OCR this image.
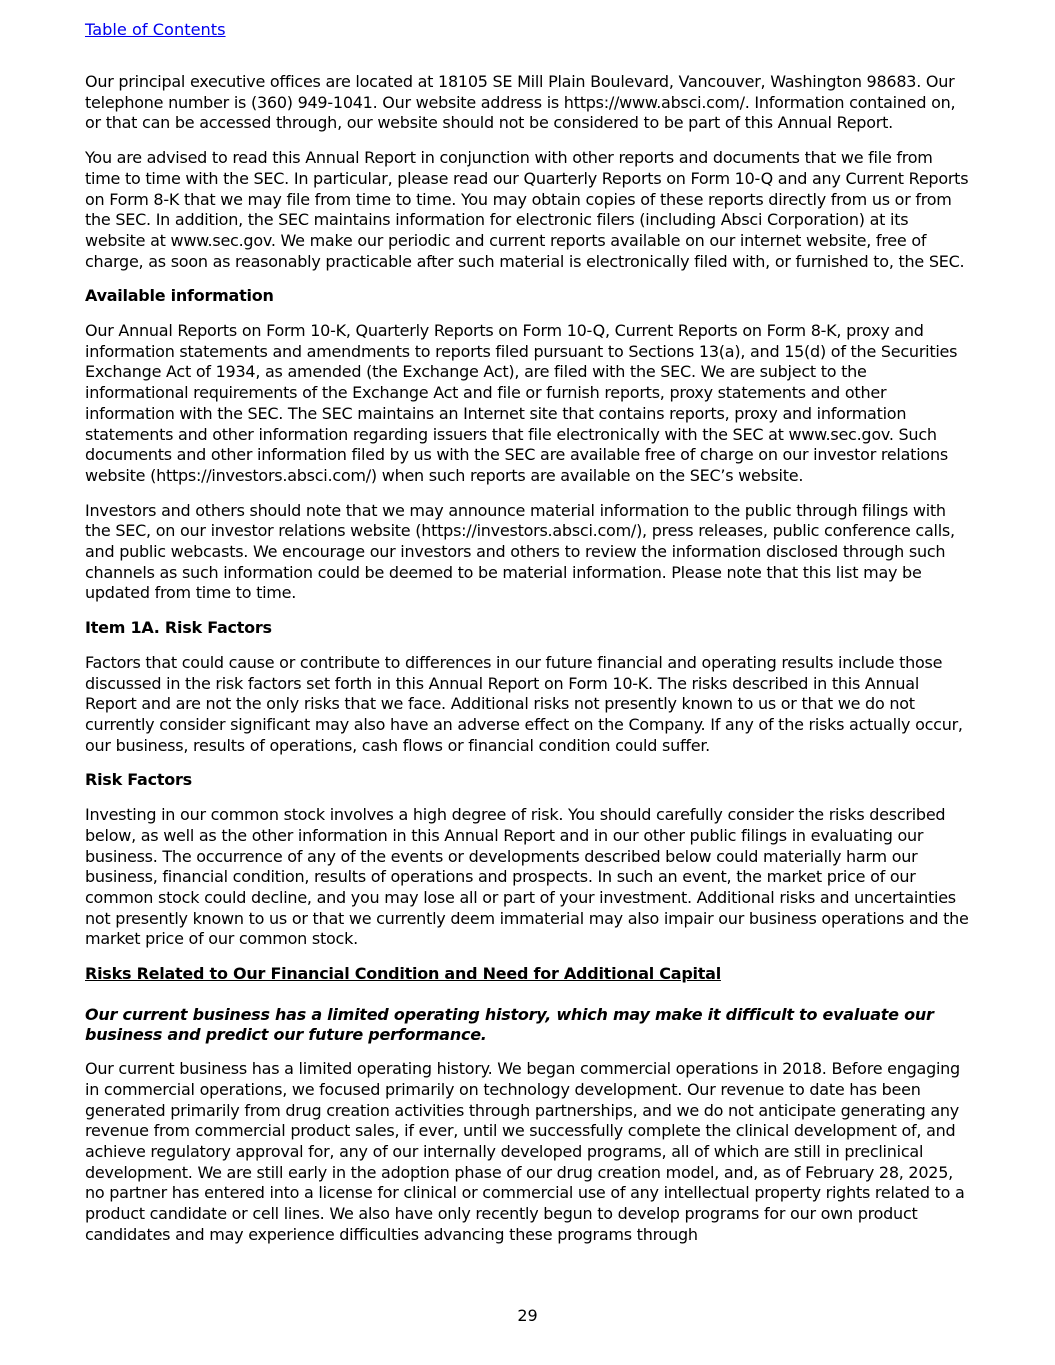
Table of Contents

Our principal executive offices are located at 18105 SE Mill Plain Boulevard, Vancouver, Washington 98683. Our telephone number is (360) 949-1041. Our website address is https://www.absci.com/. Information contained on, or that can be accessed through, our website should not be considered to be part of this Annual Report.

You are advised to read this Annual Report in conjunction with other reports and documents that we file from time to time with the SEC. In particular, please read our Quarterly Reports on Form 10-Q and any Current Reports on Form 8-K that we may file from time to time. You may obtain copies of these reports directly from us or from the SEC. In addition, the SEC maintains information for electronic filers (including Absci Corporation) at its website at www.sec.gov. We make our periodic and current reports available on our internet website, free of charge, as soon as reasonably practicable after such material is electronically filed with, or furnished to, the SEC.

Available information

Our Annual Reports on Form 10-K, Quarterly Reports on Form 10-Q, Current Reports on Form 8-K, proxy and information statements and amendments to reports filed pursuant to Sections 13(a), and 15(d) of the Securities Exchange Act of 1934, as amended (the Exchange Act), are filed with the SEC. We are subject to the informational requirements of the Exchange Act and file or furnish reports, proxy statements and other information with the SEC. The SEC maintains an Internet site that contains reports, proxy and information statements and other information regarding issuers that file electronically with the SEC at www.sec.gov. Such documents and other information filed by us with the SEC are available free of charge on our investor relations website (https://investors.absci.com/) when such reports are available on the SEC’s website.

Investors and others should note that we may announce material information to the public through filings with the SEC, on our investor relations website (https://investors.absci.com/), press releases, public conference calls, and public webcasts. We encourage our investors and others to review the information disclosed through such channels as such information could be deemed to be material information. Please note that this list may be updated from time to time.

Item 1A. Risk Factors

Factors that could cause or contribute to differences in our future financial and operating results include those discussed in the risk factors set forth in this Annual Report on Form 10-K. The risks described in this Annual Report and are not the only risks that we face. Additional risks not presently known to us or that we do not currently consider significant may also have an adverse effect on the Company. If any of the risks actually occur, our business, results of operations, cash flows or financial condition could suffer.

Risk Factors

Investing in our common stock involves a high degree of risk. You should carefully consider the risks described below, as well as the other information in this Annual Report and in our other public filings in evaluating our business. The occurrence of any of the events or developments described below could materially harm our business, financial condition, results of operations and prospects. In such an event, the market price of our common stock could decline, and you may lose all or part of your investment. Additional risks and uncertainties not presently known to us or that we currently deem immaterial may also impair our business operations and the market price of our common stock.

Risks Related to Our Financial Condition and Need for Additional Capital

Our current business has a limited operating history, which may make it difficult to evaluate our business and predict our future performance.

Our current business has a limited operating history. We began commercial operations in 2018. Before engaging in commercial operations, we focused primarily on technology development. Our revenue to date has been generated primarily from drug creation activities through partnerships, and we do not anticipate generating any revenue from commercial product sales, if ever, until we successfully complete the clinical development of, and achieve regulatory approval for, any of our internally developed programs, all of which are still in preclinical development. We are still early in the adoption phase of our drug creation model, and, as of February 28, 2025, no partner has entered into a license for clinical or commercial use of any intellectual property rights related to a product candidate or cell lines. We also have only recently begun to develop programs for our own product candidates and may experience difficulties advancing these programs through

29
